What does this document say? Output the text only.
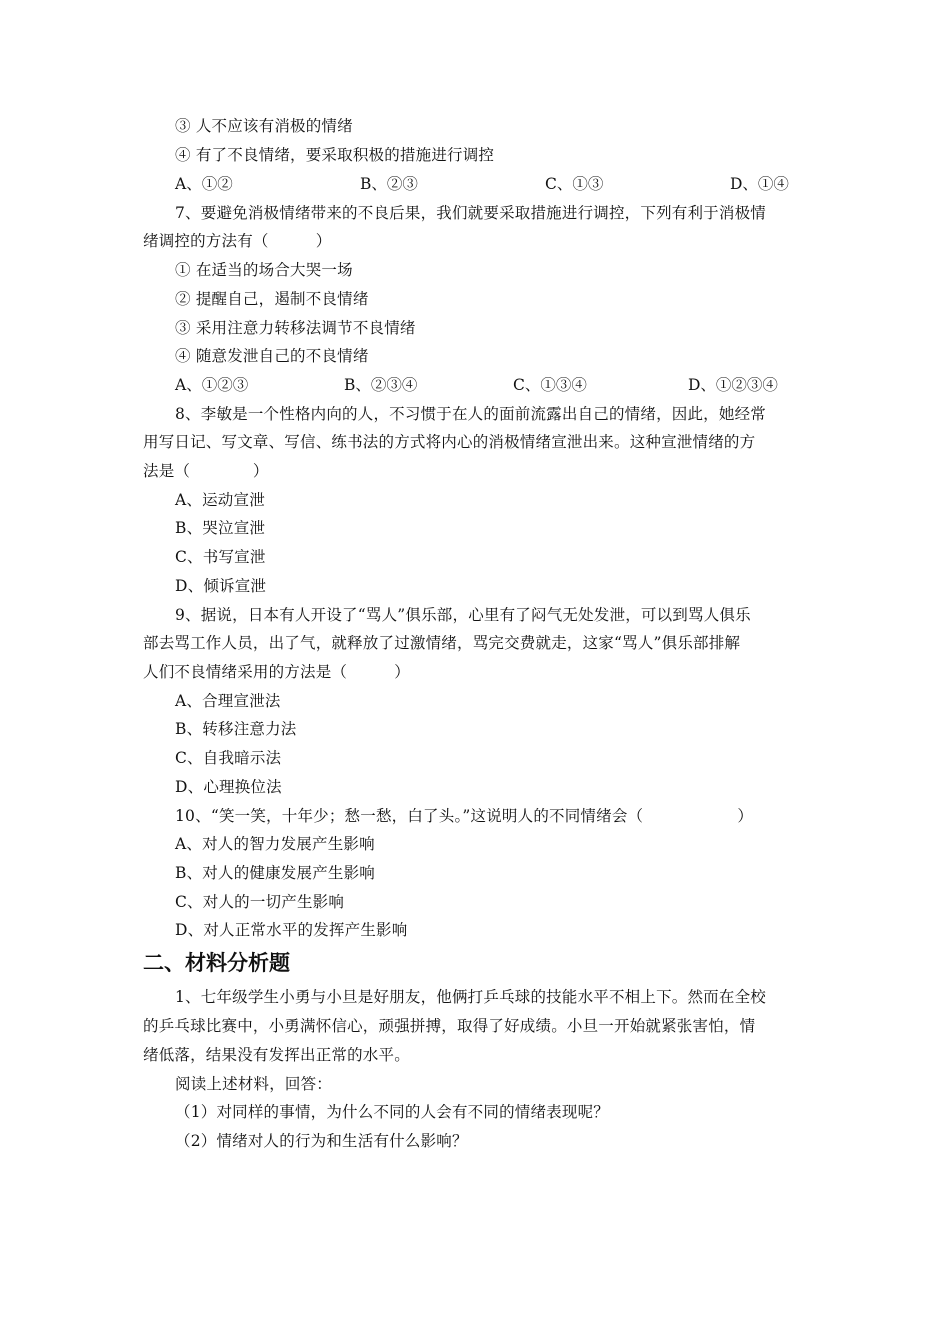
③ 人不应该有消极的情绪
④ 有了不良情绪，要采取积极的措施进行调控
A、①②	B、②③	C、①③	D、①④
7、要避免消极情绪带来的不良后果，我们就要采取措施进行调控，下列有利于消极情
绪调控的方法有（　　　）
① 在适当的场合大哭一场
② 提醒自己，遏制不良情绪
③ 采用注意力转移法调节不良情绪
④ 随意发泄自己的不良情绪
A、①②③	B、②③④	C、①③④	D、①②③④
8、李敏是一个性格内向的人，不习惯于在人的面前流露出自己的情绪，因此，她经常
用写日记、写文章、写信、练书法的方式将内心的消极情绪宣泄出来。这种宣泄情绪的方
法是（　　　　）
A、运动宣泄
B、哭泣宣泄
C、书写宣泄
D、倾诉宣泄
9、据说，日本有人开设了“骂人”俱乐部，心里有了闷气无处发泄，可以到骂人俱乐
部去骂工作人员，出了气，就释放了过激情绪，骂完交费就走，这家“骂人”俱乐部排解
人们不良情绪采用的方法是（　　　）
A、合理宣泄法
B、转移注意力法
C、自我暗示法
D、心理换位法
10、“笑一笑，十年少；愁一愁，白了头。”这说明人的不同情绪会（　　　　　　）
A、对人的智力发展产生影响
B、对人的健康发展产生影响
C、对人的一切产生影响
D、对人正常水平的发挥产生影响
二、材料分析题
1、七年级学生小勇与小旦是好朋友，他俩打乒乓球的技能水平不相上下。然而在全校
的乒乓球比赛中，小勇满怀信心，顽强拼搏，取得了好成绩。小旦一开始就紧张害怕，情
绪低落，结果没有发挥出正常的水平。
阅读上述材料，回答：
（1）对同样的事情，为什么不同的人会有不同的情绪表现呢？
（2）情绪对人的行为和生活有什么影响？
